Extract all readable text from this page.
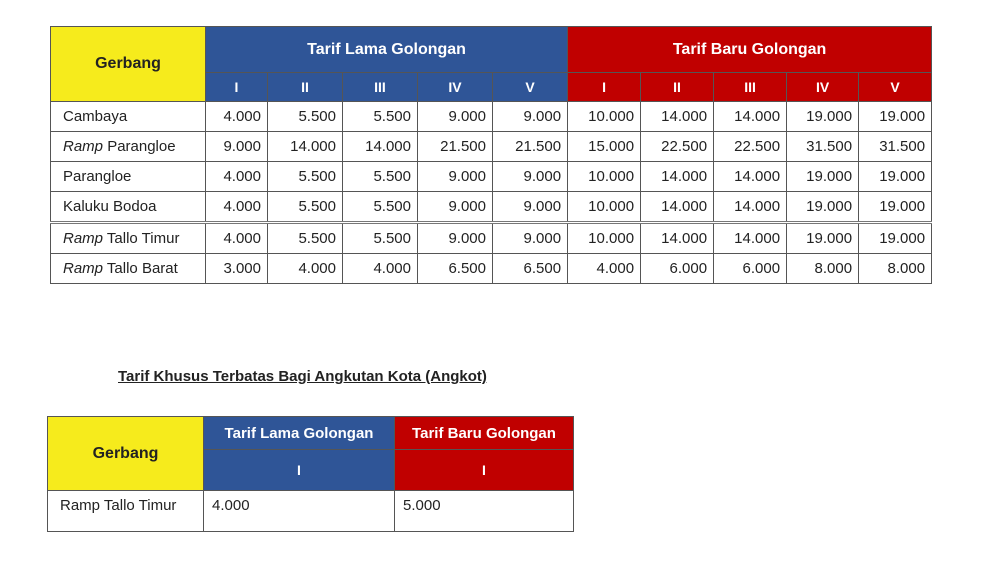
Gerbang	Tarif Lama Golongan					Tarif Baru Golongan				
	I	II	III	IV	V	I	II	III	IV	V
Cambaya	4.000	5.500	5.500	9.000	9.000	10.000	14.000	14.000	19.000	19.000
Ramp Parangloe	9.000	14.000	14.000	21.500	21.500	15.000	22.500	22.500	31.500	31.500
Parangloe	4.000	5.500	5.500	9.000	9.000	10.000	14.000	14.000	19.000	19.000
Kaluku Bodoa	4.000	5.500	5.500	9.000	9.000	10.000	14.000	14.000	19.000	19.000
Ramp Tallo Timur	4.000	5.500	5.500	9.000	9.000	10.000	14.000	14.000	19.000	19.000
Ramp Tallo Barat	3.000	4.000	4.000	6.500	6.500	4.000	6.000	6.000	8.000	8.000
Tarif Khusus Terbatas Bagi Angkutan Kota (Angkot)
Gerbang	Tarif Lama Golongan	Tarif Baru Golongan
	I	I
Ramp Tallo Timur	4.000	5.000
